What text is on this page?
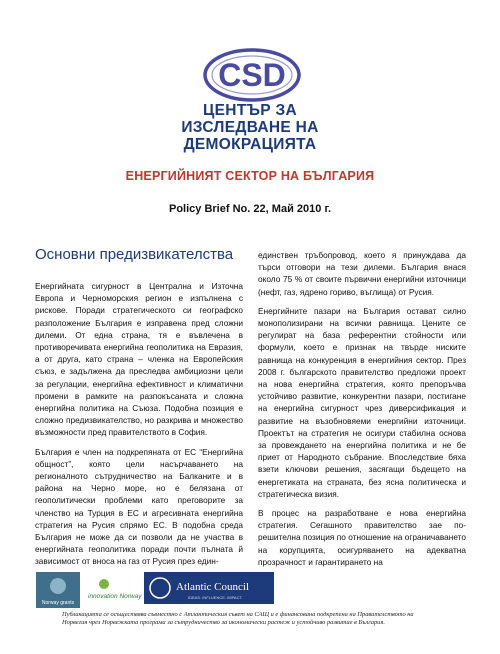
CSD
ЦЕНТЪР ЗА
ИЗСЛЕДВАНЕ НА
ДЕМОКРАЦИЯТА
ЕНЕРГИЙНИЯТ СЕКТОР НА БЪЛГАРИЯ
Policy Brief No. 22, Май 2010 г.

Основни предизвикателства

Енергийната сигурност в Централна и Източна Европа и Черноморския регион е изпълнена с рискове. Поради стратегическото си географско разположение България е изправена пред сложни дилеми. От една страна, тя е въвлечена в противоречивата енергийна геополитика на Евразия, а от друга, като страна – членка на Европейския съюз, е задължена да преследва амбициозни цели за регулации, енергийна ефективност и климатични промени в рамките на разпокъсаната и сложна енергийна политика на Съюза. Подобна позиция е сложно предизвикателство, но разкрива и множество възможности пред правителството в София.

България е член на подкрепяната от ЕС “Енергийна общност”, която цели насърчаването на регионалното сътрудничество на Балканите и в района на Черно море, но е белязана от геополитически проблеми като преговорите за членство на Турция в ЕС и агресивната енергийна стратегия на Русия спрямо ЕС. В подобна среда България не може да си позволи да не участва в енергийната геополитика поради почти пълната й зависимост от вноса на газ от Русия през един-

единствен тръбопровод, което я принуждава да търси отговори на тези дилеми. България внася около 75 % от своите първични енергийни източници (нефт, газ, ядрено гориво, въглища) от Русия.

Енергийните пазари на България остават силно монополизирани на всички равнища. Цените се регулират на база референтни стойности или формули, което е признак на твърде ниските равнища на конкуренция в енергийния сектор. През 2008 г. българското правителство предложи проект на нова енергийна стратегия, която препоръчва устойчиво развитие, конкурентни пазари, постигане на енергийна сигурност чрез диверсификация и развитие на възобновяеми енергийни източници. Проектът на стратегия не осигури стабилна основа за провеждането на енергийна политика и не бе приет от Народното събрание. Впоследствие бяха взети ключови решения, засягащи бъдещето на енергетиката на страната, без ясна политическа и стратегическа визия.

В процес на разработване е нова енергийна стратегия. Сегашното правителство зае по-решителна позиция по отношение на ограничаването на корупцията, осигуряването на адекватна прозрачност и гарантирането на

Norway grants
innovation Norway
Atlantic Council
IDEAS. INFLUENCE. IMPACT.
Публикацията се осъществява съвместно с Атлантическия съвет на САЩ и е финансована подкрепена на Правителството на Норвегия чрез Норвежката програма за сътрудничество за икономически растеж и устойчиво развитие в България.
